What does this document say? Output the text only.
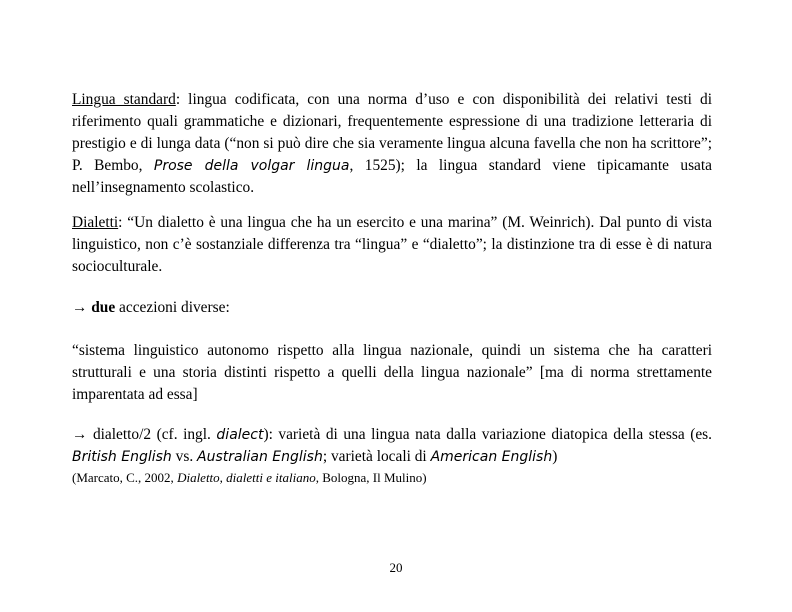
Lingua standard: lingua codificata, con una norma d’uso e con disponibilità dei relativi testi di riferimento quali grammatiche e dizionari, frequentemente espressione di una tradizione letteraria di prestigio e di lunga data (“non si può dire che sia veramente lingua alcuna favella che non ha scrittore”; P. Bembo, Prose della volgar lingua, 1525); la lingua standard viene tipicamante usata nell’insegnamento scolastico.

Dialetti: “Un dialetto è una lingua che ha un esercito e una marina” (M. Weinrich). Dal punto di vista linguistico, non c’è sostanziale differenza tra “lingua” e “dialetto”; la distinzione tra di esse è di natura socioculturale.

→ due accezioni diverse:

“sistema linguistico autonomo rispetto alla lingua nazionale, quindi un sistema che ha caratteri strutturali e una storia distinti rispetto a quelli della lingua nazionale” [ma di norma strettamente imparentata ad essa]

→ dialetto/2 (cf. ingl. dialect): varietà di una lingua nata dalla variazione diatopica della stessa (es. British English vs. Australian English; varietà locali di American English)

(Marcato, C., 2002, Dialetto, dialetti e italiano, Bologna, Il Mulino)

20
